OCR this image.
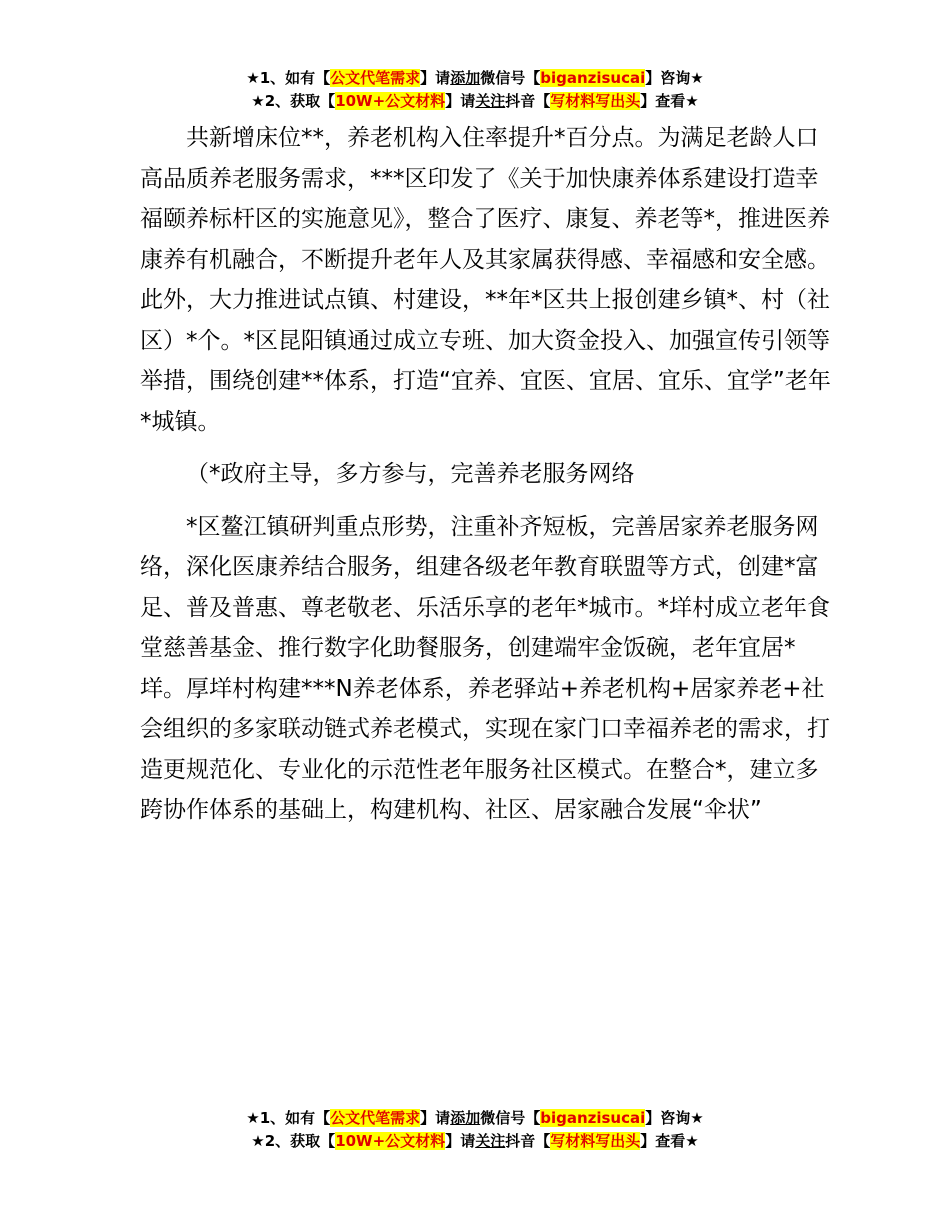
★1、如有【公文代笔需求】请添加微信号【biganzisucai】咨询★
★2、获取【10W+公文材料】请关注抖音【写材料写出头】查看★

共新增床位**，养老机构入住率提升*百分点。为满足老龄人口高品质养老服务需求，***区印发了《关于加快康养体系建设打造幸福颐养标杆区的实施意见》，整合了医疗、康复、养老等*，推进医养康养有机融合，不断提升老年人及其家属获得感、幸福感和安全感。此外，大力推进试点镇、村建设，**年*区共上报创建乡镇*、村（社区）*个。*区昆阳镇通过成立专班、加大资金投入、加强宣传引领等举措，围绕创建**体系，打造“宜养、宜医、宜居、宜乐、宜学”老年*城镇。

（*政府主导，多方参与，完善养老服务网络

*区鳌江镇研判重点形势，注重补齐短板，完善居家养老服务网络，深化医康养结合服务，组建各级老年教育联盟等方式，创建*富足、普及普惠、尊老敬老、乐活乐享的老年*城市。*垟村成立老年食堂慈善基金、推行数字化助餐服务，创建端牢金饭碗，老年宜居*垟。厚垟村构建***N养老体系，养老驿站+养老机构+居家养老+社会组织的多家联动链式养老模式，实现在家门口幸福养老的需求，打造更规范化、专业化的示范性老年服务社区模式。在整合*，建立多跨协作体系的基础上，构建机构、社区、居家融合发展“伞状”

★1、如有【公文代笔需求】请添加微信号【biganzisucai】咨询★
★2、获取【10W+公文材料】请关注抖音【写材料写出头】查看★
